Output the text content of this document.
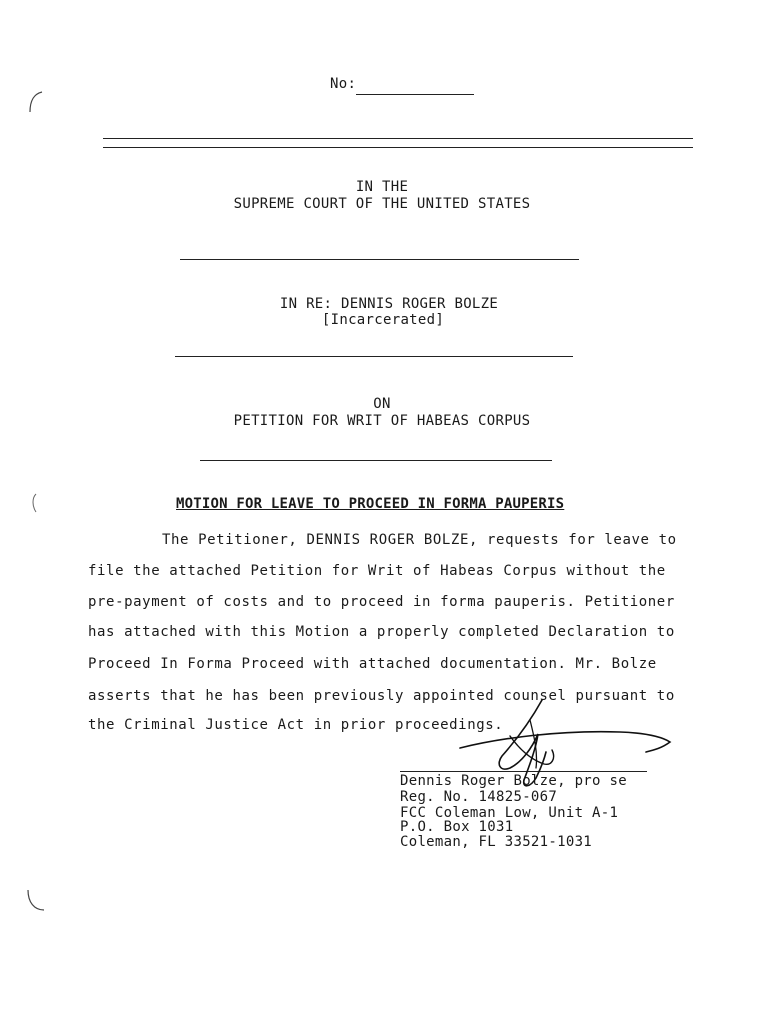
No:
IN THE
SUPREME COURT OF THE UNITED STATES
IN RE: DENNIS ROGER BOLZE
[Incarcerated]
ON
PETITION FOR WRIT OF HABEAS CORPUS
MOTION FOR LEAVE TO PROCEED IN FORMA PAUPERIS
The Petitioner, DENNIS ROGER BOLZE, requests for leave to
file the attached Petition for Writ of Habeas Corpus without the
pre-payment of costs and to proceed in forma pauperis. Petitioner
has attached with this Motion a properly completed Declaration to
Proceed In Forma Proceed with attached documentation. Mr. Bolze
asserts that he has been previously appointed counsel pursuant to
the Criminal Justice Act in prior proceedings.
Dennis Roger Bolze, pro se
Reg. No. 14825-067
FCC Coleman Low, Unit A-1
P.O. Box 1031
Coleman, FL 33521-1031
